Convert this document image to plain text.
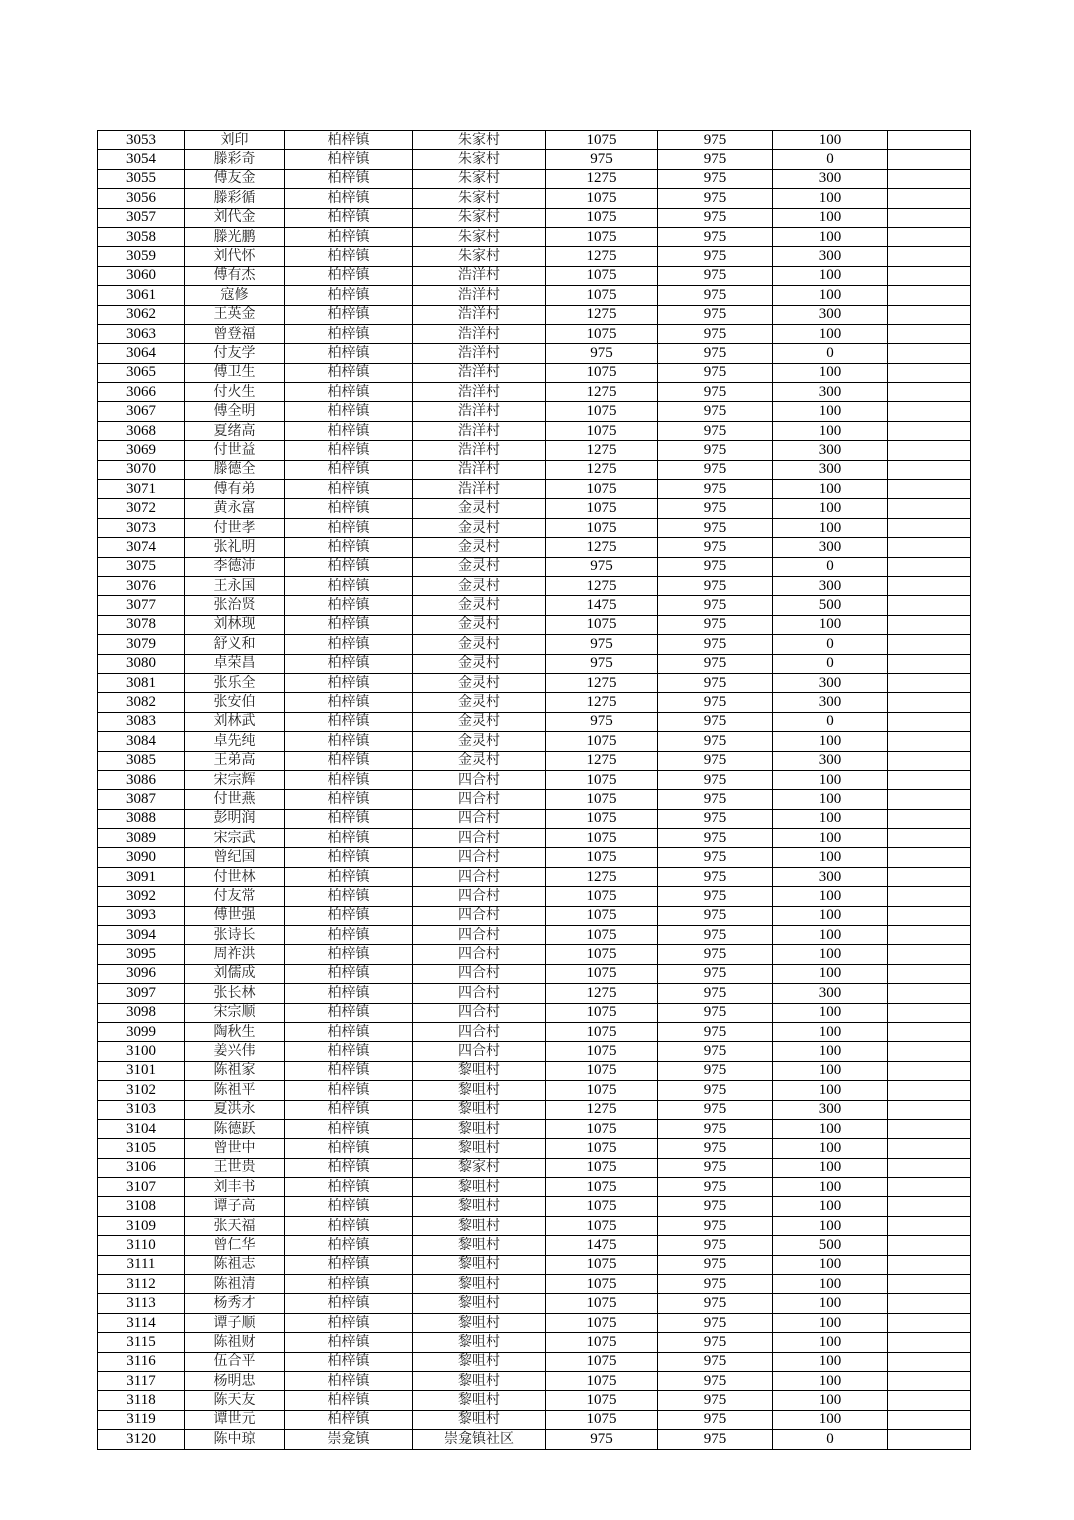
3053	刘印	柏梓镇	朱家村	1075	975	100	
3054	滕彩奇	柏梓镇	朱家村	975	975	0	
3055	傅友金	柏梓镇	朱家村	1275	975	300	
3056	滕彩循	柏梓镇	朱家村	1075	975	100	
3057	刘代金	柏梓镇	朱家村	1075	975	100	
3058	滕光鹏	柏梓镇	朱家村	1075	975	100	
3059	刘代怀	柏梓镇	朱家村	1275	975	300	
3060	傅有杰	柏梓镇	浩洋村	1075	975	100	
3061	寇修	柏梓镇	浩洋村	1075	975	100	
3062	王英金	柏梓镇	浩洋村	1275	975	300	
3063	曾登福	柏梓镇	浩洋村	1075	975	100	
3064	付友学	柏梓镇	浩洋村	975	975	0	
3065	傅卫生	柏梓镇	浩洋村	1075	975	100	
3066	付火生	柏梓镇	浩洋村	1275	975	300	
3067	傅全明	柏梓镇	浩洋村	1075	975	100	
3068	夏绪高	柏梓镇	浩洋村	1075	975	100	
3069	付世益	柏梓镇	浩洋村	1275	975	300	
3070	滕德全	柏梓镇	浩洋村	1275	975	300	
3071	傅有弟	柏梓镇	浩洋村	1075	975	100	
3072	黄永富	柏梓镇	金灵村	1075	975	100	
3073	付世孝	柏梓镇	金灵村	1075	975	100	
3074	张礼明	柏梓镇	金灵村	1275	975	300	
3075	李德沛	柏梓镇	金灵村	975	975	0	
3076	王永国	柏梓镇	金灵村	1275	975	300	
3077	张治贤	柏梓镇	金灵村	1475	975	500	
3078	刘林现	柏梓镇	金灵村	1075	975	100	
3079	舒义和	柏梓镇	金灵村	975	975	0	
3080	卓荣昌	柏梓镇	金灵村	975	975	0	
3081	张乐全	柏梓镇	金灵村	1275	975	300	
3082	张安伯	柏梓镇	金灵村	1275	975	300	
3083	刘林武	柏梓镇	金灵村	975	975	0	
3084	卓先纯	柏梓镇	金灵村	1075	975	100	
3085	王弟高	柏梓镇	金灵村	1275	975	300	
3086	宋宗辉	柏梓镇	四合村	1075	975	100	
3087	付世燕	柏梓镇	四合村	1075	975	100	
3088	彭明润	柏梓镇	四合村	1075	975	100	
3089	宋宗武	柏梓镇	四合村	1075	975	100	
3090	曾纪国	柏梓镇	四合村	1075	975	100	
3091	付世林	柏梓镇	四合村	1275	975	300	
3092	付友常	柏梓镇	四合村	1075	975	100	
3093	傅世强	柏梓镇	四合村	1075	975	100	
3094	张诗长	柏梓镇	四合村	1075	975	100	
3095	周祚洪	柏梓镇	四合村	1075	975	100	
3096	刘儒成	柏梓镇	四合村	1075	975	100	
3097	张长林	柏梓镇	四合村	1275	975	300	
3098	宋宗顺	柏梓镇	四合村	1075	975	100	
3099	陶秋生	柏梓镇	四合村	1075	975	100	
3100	姜兴伟	柏梓镇	四合村	1075	975	100	
3101	陈祖家	柏梓镇	黎咀村	1075	975	100	
3102	陈祖平	柏梓镇	黎咀村	1075	975	100	
3103	夏洪永	柏梓镇	黎咀村	1275	975	300	
3104	陈德跃	柏梓镇	黎咀村	1075	975	100	
3105	曾世中	柏梓镇	黎咀村	1075	975	100	
3106	王世贵	柏梓镇	黎家村	1075	975	100	
3107	刘丰书	柏梓镇	黎咀村	1075	975	100	
3108	谭子高	柏梓镇	黎咀村	1075	975	100	
3109	张天福	柏梓镇	黎咀村	1075	975	100	
3110	曾仁华	柏梓镇	黎咀村	1475	975	500	
3111	陈祖志	柏梓镇	黎咀村	1075	975	100	
3112	陈祖清	柏梓镇	黎咀村	1075	975	100	
3113	杨秀才	柏梓镇	黎咀村	1075	975	100	
3114	谭子顺	柏梓镇	黎咀村	1075	975	100	
3115	陈祖财	柏梓镇	黎咀村	1075	975	100	
3116	伍合平	柏梓镇	黎咀村	1075	975	100	
3117	杨明忠	柏梓镇	黎咀村	1075	975	100	
3118	陈天友	柏梓镇	黎咀村	1075	975	100	
3119	谭世元	柏梓镇	黎咀村	1075	975	100	
3120	陈中琼	崇龛镇	崇龛镇社区	975	975	0	
